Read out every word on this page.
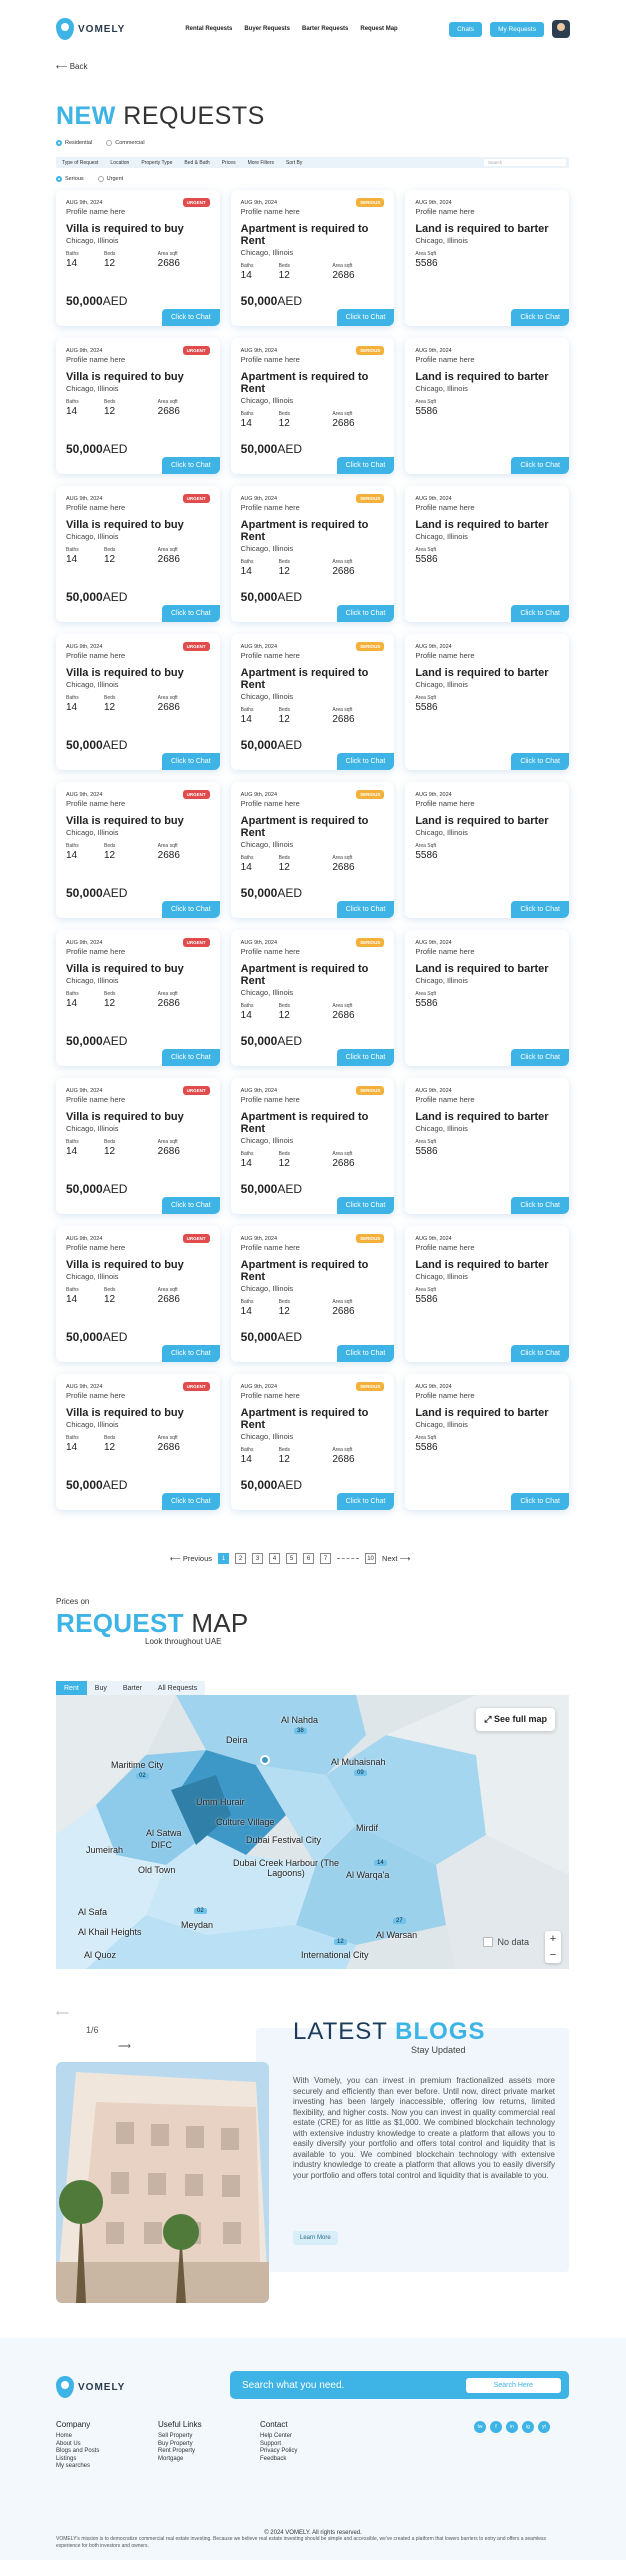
VOMELY	Rental Requests Buyer Requests Barter Requests Request Map	Chats	My Requests
⟵ Back
NEW REQUESTS
Residential	Commercial
Type of Request	Location	Property Type	Bed & Bath	Prices	More Filters	Sort By	Search
Serious	Urgent
AUG 9th, 2024
Profile name here
URGENT
Villa is required to buy
Chicago, Illinois
Baths
14
Beds
12
Area sqft
2686
50,000AED
Click to Chat
AUG 9th, 2024
Profile name here
SERIOUS
Apartment is required to Rent
Chicago, Illinois
Baths
14
Beds
12
Area sqft
2686
50,000AED
Click to Chat
AUG 9th, 2024
Profile name here
Land is required to barter
Chicago, Illinois
Area Sqft
5586
Click to Chat
AUG 9th, 2024
Profile name here
URGENT
Villa is required to buy
Chicago, Illinois
Baths
14
Beds
12
Area sqft
2686
50,000AED
Click to Chat
AUG 9th, 2024
Profile name here
SERIOUS
Apartment is required to Rent
Chicago, Illinois
Baths
14
Beds
12
Area sqft
2686
50,000AED
Click to Chat
AUG 9th, 2024
Profile name here
Land is required to barter
Chicago, Illinois
Area Sqft
5586
Click to Chat
AUG 9th, 2024
Profile name here
URGENT
Villa is required to buy
Chicago, Illinois
Baths
14
Beds
12
Area sqft
2686
50,000AED
Click to Chat
AUG 9th, 2024
Profile name here
SERIOUS
Apartment is required to Rent
Chicago, Illinois
Baths
14
Beds
12
Area sqft
2686
50,000AED
Click to Chat
AUG 9th, 2024
Profile name here
Land is required to barter
Chicago, Illinois
Area Sqft
5586
Click to Chat
AUG 9th, 2024
Profile name here
URGENT
Villa is required to buy
Chicago, Illinois
Baths
14
Beds
12
Area sqft
2686
50,000AED
Click to Chat
AUG 9th, 2024
Profile name here
SERIOUS
Apartment is required to Rent
Chicago, Illinois
Baths
14
Beds
12
Area sqft
2686
50,000AED
Click to Chat
AUG 9th, 2024
Profile name here
Land is required to barter
Chicago, Illinois
Area Sqft
5586
Click to Chat
AUG 9th, 2024
Profile name here
URGENT
Villa is required to buy
Chicago, Illinois
Baths
14
Beds
12
Area sqft
2686
50,000AED
Click to Chat
AUG 9th, 2024
Profile name here
SERIOUS
Apartment is required to Rent
Chicago, Illinois
Baths
14
Beds
12
Area sqft
2686
50,000AED
Click to Chat
AUG 9th, 2024
Profile name here
Land is required to barter
Chicago, Illinois
Area Sqft
5586
Click to Chat
AUG 9th, 2024
Profile name here
URGENT
Villa is required to buy
Chicago, Illinois
Baths
14
Beds
12
Area sqft
2686
50,000AED
Click to Chat
AUG 9th, 2024
Profile name here
SERIOUS
Apartment is required to Rent
Chicago, Illinois
Baths
14
Beds
12
Area sqft
2686
50,000AED
Click to Chat
AUG 9th, 2024
Profile name here
Land is required to barter
Chicago, Illinois
Area Sqft
5586
Click to Chat
AUG 9th, 2024
Profile name here
URGENT
Villa is required to buy
Chicago, Illinois
Baths
14
Beds
12
Area sqft
2686
50,000AED
Click to Chat
AUG 9th, 2024
Profile name here
SERIOUS
Apartment is required to Rent
Chicago, Illinois
Baths
14
Beds
12
Area sqft
2686
50,000AED
Click to Chat
AUG 9th, 2024
Profile name here
Land is required to barter
Chicago, Illinois
Area Sqft
5586
Click to Chat
AUG 9th, 2024
Profile name here
URGENT
Villa is required to buy
Chicago, Illinois
Baths
14
Beds
12
Area sqft
2686
50,000AED
Click to Chat
AUG 9th, 2024
Profile name here
SERIOUS
Apartment is required to Rent
Chicago, Illinois
Baths
14
Beds
12
Area sqft
2686
50,000AED
Click to Chat
AUG 9th, 2024
Profile name here
Land is required to barter
Chicago, Illinois
Area Sqft
5586
Click to Chat
AUG 9th, 2024
Profile name here
URGENT
Villa is required to buy
Chicago, Illinois
Baths
14
Beds
12
Area sqft
2686
50,000AED
Click to Chat
AUG 9th, 2024
Profile name here
SERIOUS
Apartment is required to Rent
Chicago, Illinois
Baths
14
Beds
12
Area sqft
2686
50,000AED
Click to Chat
AUG 9th, 2024
Profile name here
Land is required to barter
Chicago, Illinois
Area Sqft
5586
Click to Chat
⟵ Previous	1	2	3	4	5	6	7	10 Next ⟶
Prices on
REQUEST MAP
Look throughout UAE
Rent	Buy	Barter	All Requests
Al Nahda
38
Deira
Maritime City
02
Al Muhaisnah
09
Umm Hurair
Culture Village
Al Satwa
DIFC	Dubai Festival City
Jumeirah
Mirdif
Old Town
Dubai Creek Harbour (The Lagoons)	Al Warqa'a
14
Al Safa
Meydan
02
Al Khail Heights	Al Warsan
27
Al Quoz	International City
12
⤢ See full map
No data	+
−
⟵
1/6
⟶
LATEST BLOGS
Stay Updated
With Vomely, you can invest in premium fractionalized assets more securely and efficiently than ever before. Until now, direct private market investing has been largely inaccessible, offering low returns, limited flexibility, and higher costs. Now you can invest in quality commercial real estate (CRE) for as little as $1,000. We combined blockchain technology with extensive industry knowledge to create a platform that allows you to easily diversify your portfolio and offers total control and liquidity that is available to you. We combined blockchain technology with extensive industry knowledge to create a platform that allows you to easily diversify your portfolio and offers total control and liquidity that is available to you.
Learn More
VOMELY	Search what you need.	Search Here
Company
Home
About Us
Blogs and Posts
Listings
My searches
Useful Links
Sell Property
Buy Property
Rent Property
Mortgage
Contact
Help Center
Support
Privacy Policy
Feedback
tw	f	in	ig	yt
VOMELY's mission is to democratize commercial real estate investing. Because we believe real estate investing should be simple and accessible, we've created a platform that lowers barriers to entry and offers a seamless experience for both investors and owners.
© 2024 VOMELY. All rights reserved.
